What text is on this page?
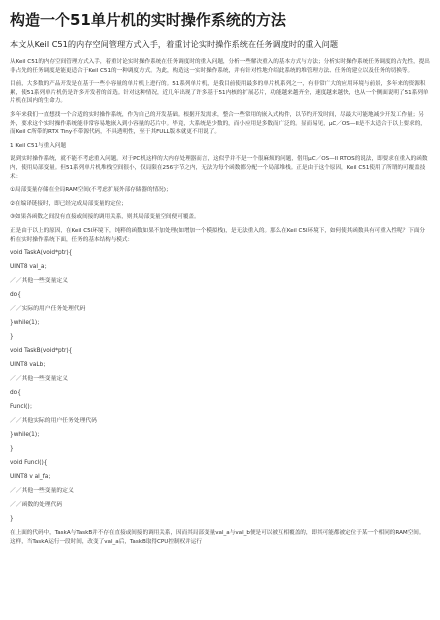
构造一个51单片机的实时操作系统的方法

本文从Keil C51的内存空间管理方式入手，着重讨论实时操作系统在任务调度时的重入问题

从Keil C51的内存空间管理方式入手，着重讨论实时操作系统在任务调度时的重入问题，分析一些解决重入的基本方式与方法；分析实时操作系统任务调度的占先性，提出非占先的任务调度是能更适合于Keil C51的一种调度方式。为此，构造这一实时操作系统，并有针对性地介绍此系统的堆管理方法、任务的建立以及任务的切换等。

目前，大多数的产品开发是在基于一些小容量的单片机上进行的。51系列单片机，是我目前使用最多的单片机系列之一，有非常广大的应用环境与前景，多年来的资源积累，使51系列单片机仍是许多开发者的首选。针对这种情况，近几年出现了许多基于51内核的扩展芯片，功能越来越齐全，速度越来越快，也从一个侧面说明了51系列单片机在国内的生命力。

多年来我们一直想找一个合适的实时操作系统，作为自己的开发基础。根据开发需求，整合一些常用的嵌入式构件，以节约开发时间，尽最大可能地减少开发工作量；另外，要求这个实时操作系统能非常容易地嵌入到小容量的芯片中。毕竟，大系统是少数的，而小应用是多数而广泛的。显而易见，μC／OS—II是不太适合于以上要求的，而Keil C所带的RTX Tiny不带源代码，不具透明性，至于其FULL版本就更不用说了。

1 Keil C51与重入问题

说到实时操作系统，就不能不考虑重入问题。对于PC机这样的大内存处理器而言，这似乎并不是一个很麻烦的问题，借用μC／OS—II RTOS的说法，即要求在重入的函数内，使用局部变量。但51系列单片机堆栈空间很小，仅局限在256字节之内，无法为每个函数都分配一个局部堆栈。正是由于这个原因，Keil C51使用了所谓的可覆盖技术：

①局部变量存储在全局RAM空间(不考虑扩展外部存储器的情况)；

②在编译链接时，即已经完成局部变量的定位；

③如果各函数之间没有直接或间接的调用关系，则其局部变量空间便可覆盖。

正是由于以上的原因，在Keil C5l环境下，纯粹的函数如果不加处理(如增加一个模拟栈)，是无法重入的。那么在Keil C5l环境下，如何使其函数具有可重入性呢？下面分析在实时操作系统下面，任务的基本结构与模式：

void TaskA(void*ptr){

UINT8 val_a；

／／其他一些变量定义

do{

／／实际的用户任务处理代码

}while(1)；

}

void TaskB(void*ptr){

UINT8 vaLb；

／／其他一些变量定义

do{

Funcl()；

／／其他实际的用户任务处理代码

}while(1)；

}

void Funcl(){

UINT8 v al_fa；

／／其他一些变量的定义

／／函数的处理代码

}

在上面的代码中，TaskA与TaskB并不存在直接或间接的调用关系，因而其局部变量val_a与val_b便是可以被互相覆盖的，即其可能都被定位于某一个相同的RAM空间。这样，当TaskA运行一段时间，改变了val_a后，TaskB取得CPU控制权并运行
